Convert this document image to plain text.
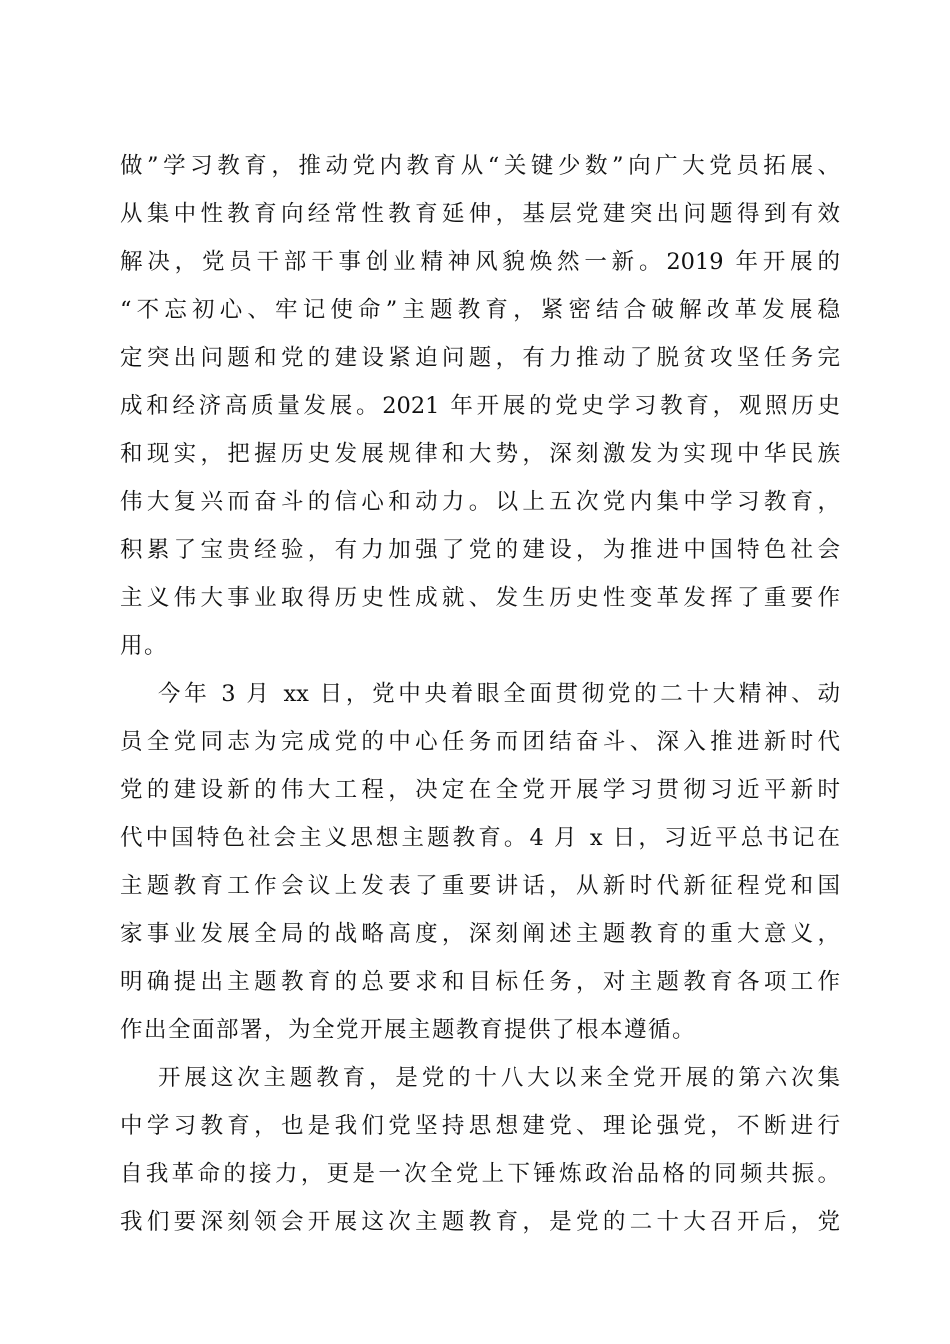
做”学习教育，推动党内教育从“关键少数”向广大党员拓展、
从集中性教育向经常性教育延伸，基层党建突出问题得到有效
解决，党员干部干事创业精神风貌焕然一新。2019 年开展的
“不忘初心、牢记使命”主题教育，紧密结合破解改革发展稳
定突出问题和党的建设紧迫问题，有力推动了脱贫攻坚任务完
成和经济高质量发展。2021 年开展的党史学习教育，观照历史
和现实，把握历史发展规律和大势，深刻激发为实现中华民族
伟大复兴而奋斗的信心和动力。以上五次党内集中学习教育，
积累了宝贵经验，有力加强了党的建设，为推进中国特色社会
主义伟大事业取得历史性成就、发生历史性变革发挥了重要作
用。
今年 3 月 xx 日，党中央着眼全面贯彻党的二十大精神、动
员全党同志为完成党的中心任务而团结奋斗、深入推进新时代
党的建设新的伟大工程，决定在全党开展学习贯彻习近平新时
代中国特色社会主义思想主题教育。4 月 x 日，习近平总书记在
主题教育工作会议上发表了重要讲话，从新时代新征程党和国
家事业发展全局的战略高度，深刻阐述主题教育的重大意义，
明确提出主题教育的总要求和目标任务，对主题教育各项工作
作出全面部署，为全党开展主题教育提供了根本遵循。
开展这次主题教育，是党的十八大以来全党开展的第六次集
中学习教育，也是我们党坚持思想建党、理论强党，不断进行
自我革命的接力，更是一次全党上下锤炼政治品格的同频共振。
我们要深刻领会开展这次主题教育，是党的二十大召开后，党
